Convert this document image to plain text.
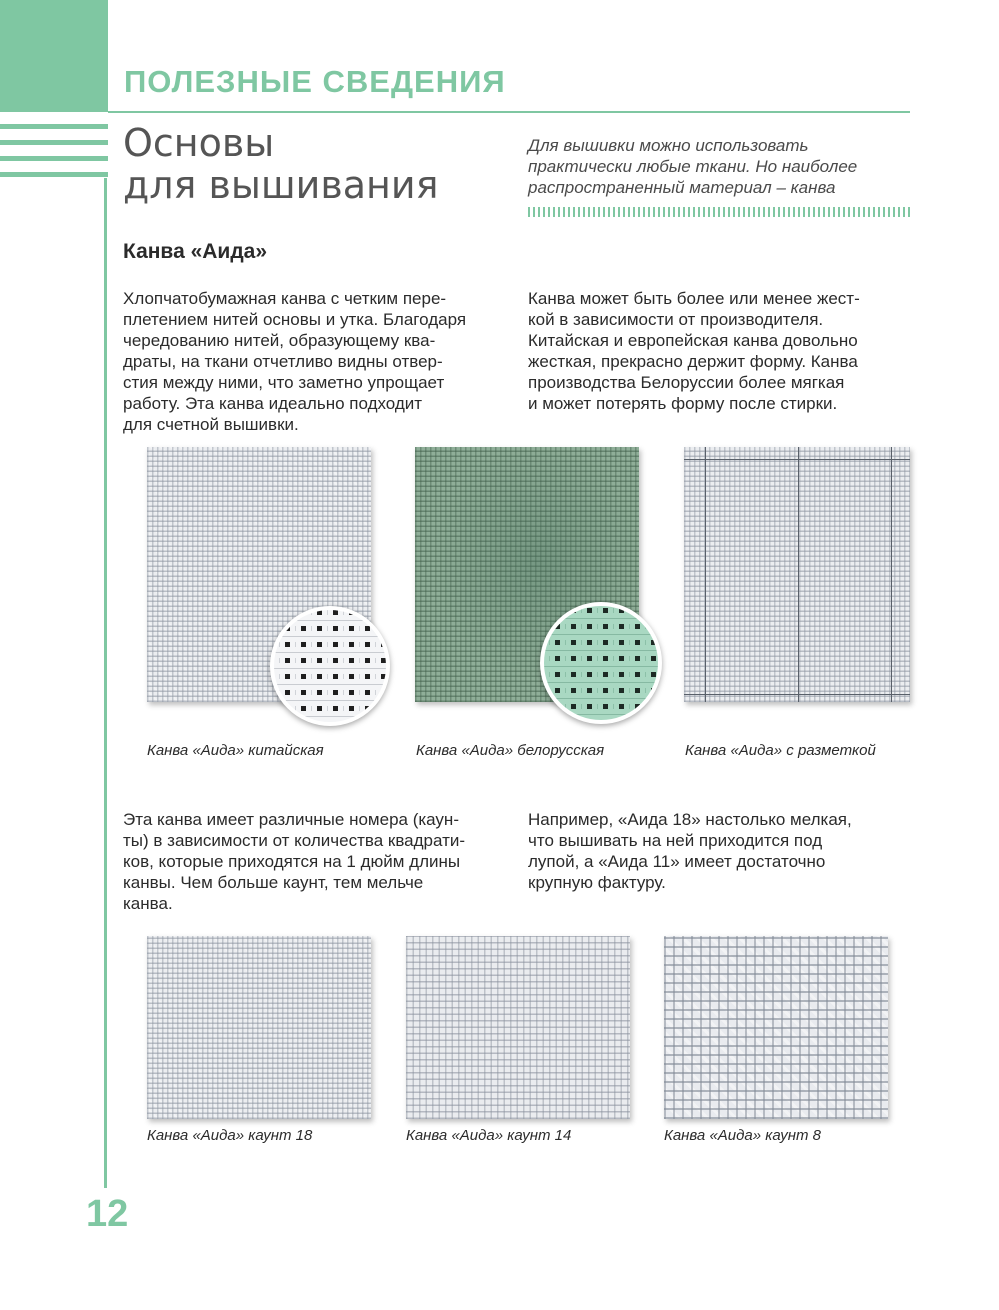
ПОЛЕЗНЫЕ СВЕДЕНИЯ
Основы
для вышивания
Для вышивки можно использовать
практически любые ткани. Но наиболее
распространенный материал – канва
Канва «Аида»
Хлопчатобумажная канва с четким пере-
плетением нитей основы и утка. Благодаря
чередованию нитей, образующему ква-
драты, на ткани отчетливо видны отвер-
стия между ними, что заметно упрощает
работу. Эта канва идеально подходит
для счетной вышивки.
Канва может быть более или менее жест-
кой в зависимости от производителя.
Китайская и европейская канва довольно
жесткая, прекрасно держит форму. Канва
производства Белоруссии более мягкая
и может потерять форму после стирки.
Канва «Аида» китайская	Канва «Аида» белорусская	Канва «Аида» с разметкой
Эта канва имеет различные номера (каун-
ты) в зависимости от количества квадрати-
ков, которые приходятся на 1 дюйм длины
канвы. Чем больше каунт, тем мельче
канва.
Например, «Аида 18» настолько мелкая,
что вышивать на ней приходится под
лупой, а «Аида 11» имеет достаточно
крупную фактуру.
Канва «Аида» каунт 18	Канва «Аида» каунт 14	Канва «Аида» каунт 8
12
